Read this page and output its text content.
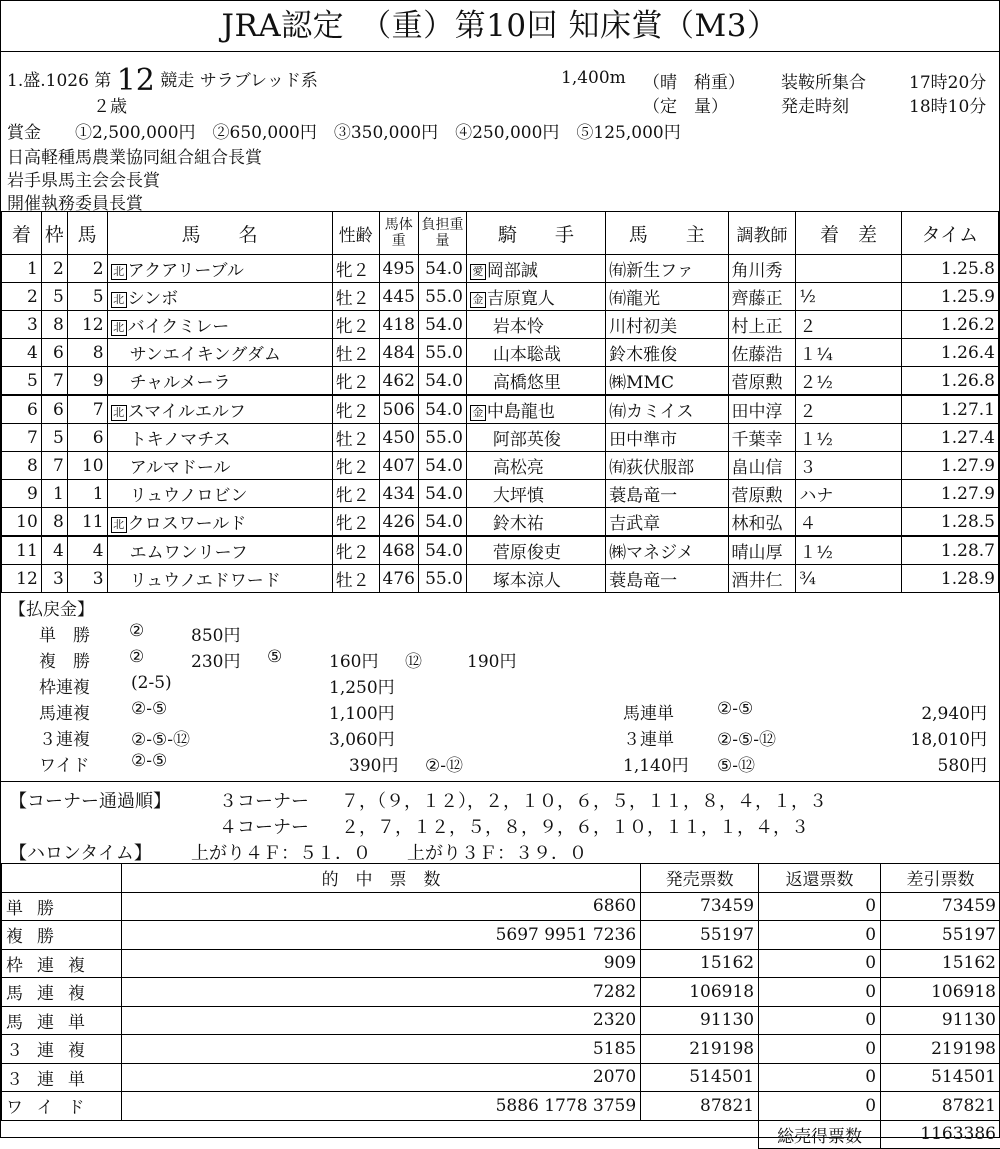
JRA認定　（重）第10回 知床賞（M3）
1.盛.1026 第 12 競走 サラブレッド系
２歳
1,400m （晴　稍重）
（定　量）
装鞍所集合	17時20分
発走時刻	18時10分
賞金　　①2,500,000円　②650,000円　③350,000円　④250,000円　⑤125,000円
日高軽種馬農業協同組合組合長賞
岩手県馬主会会長賞
開催執務委員長賞
着	枠	馬	馬　　名	性齢	馬体重	負担重量	騎　　手	馬　　主	調教師	着　差	タイム
1	2	2	北 アクアリーブル	牝２	495	54.0	愛 岡部誠	㈲新生ファ	角川秀		1.25.8
2	5	5	北 シンボ	牡２	445	55.0	金 吉原寛人	㈲龍光	齊藤正	½	1.25.9
3	8	12	北 バイクミレー	牝２	418	54.0	岩本怜	川村初美	村上正	２	1.26.2
4	6	8	サンエイキングダム	牡２	484	55.0	山本聡哉	鈴木雅俊	佐藤浩	１¼	1.26.4
5	7	9	チャルメーラ	牝２	462	54.0	高橋悠里	㈱MMC	菅原勲	２½	1.26.8
6	6	7	北 スマイルエルフ	牝２	506	54.0	金 中島龍也	㈲カミイス	田中淳	２	1.27.1
7	5	6	トキノマチス	牡２	450	55.0	阿部英俊	田中準市	千葉幸	１½	1.27.4
8	7	10	アルマドール	牝２	407	54.0	高松亮	㈲荻伏服部	畠山信	３	1.27.9
9	1	1	リュウノロビン	牝２	434	54.0	大坪慎	蓑島竜一	菅原勲	ハナ	1.27.9
10	8	11	北 クロスワールド	牝２	426	54.0	鈴木祐	吉武章	林和弘	４	1.28.5
11	4	4	エムワンリーフ	牝２	468	54.0	菅原俊吏	㈱マネジメ	晴山厚	１½	1.28.7
12	3	3	リュウノエドワード	牡２	476	55.0	塚本涼人	蓑島竜一	酒井仁	¾	1.28.9
【払戻金】
単　勝 ②	850円
複　勝 ②	230円 ⑤	160円 ⑫	190円
枠連複 (2-5)	1,250円
馬連複 ②-⑤	1,100円	馬連単	②-⑤	2,940円
３連複 ②-⑤-⑫	3,060円	３連単	②-⑤-⑫	18,010円
ワイド ②-⑤	390円 ②-⑫	1,140円 ⑤-⑫	580円
【コーナー通過順】	３コーナー ７，（９，１２），２，１０，６，５，１１，８，４，１，３
４コーナー ２，７，１２，５，８，９，６，１０，１１，１，４，３
【ハロンタイム】 上がり４Ｆ：５１．０　　上がり３Ｆ：３９．０
	的　中　票　数	発売票数	返還票数	差引票数
単勝	6860	73459	0	73459
複勝	5697 9951 7236	55197	0	55197
枠連複	909	15162	0	15162
馬連複	7282	106918	0	106918
馬連単	2320	91130	0	91130
３連複	5185	219198	0	219198
３連単	2070	514501	0	514501
ワイド	5886 1778 3759	87821	0	87821
			総売得票数	1163386
